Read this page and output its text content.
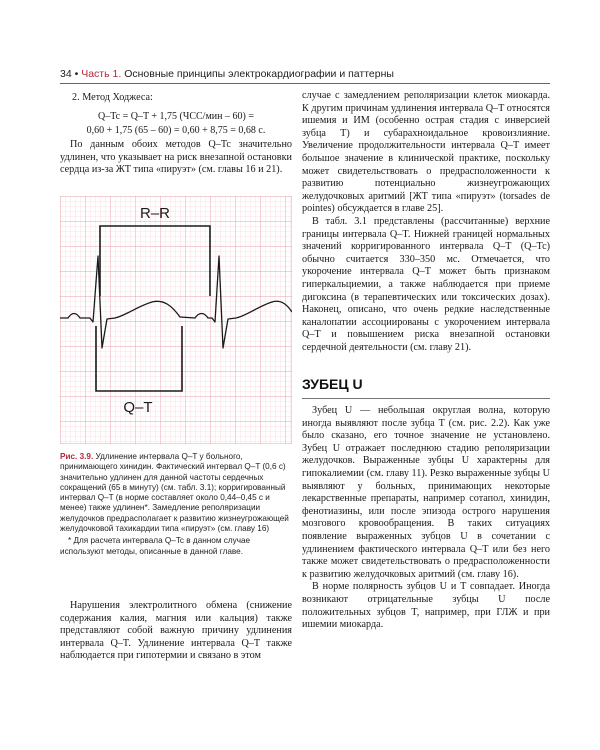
34 • Часть 1. Основные принципы электрокардиографии и паттерны

2. Метод Ходжеса:

Q–Tc = Q–T + 1,75 (ЧСС/мин – 60) =
0,60 + 1,75 (65 – 60) = 0,60 + 8,75 = 0,68 с.

По данным обоих методов Q–Tc значительно удлинен, что указывает на риск внезапной остановки сердца из-за ЖТ типа «пируэт» (см. главы 16 и 21).

R–R
Q–T
Рис. 3.9. Удлинение интервала Q–T у больного, принимающего хинидин. Фактический интервал Q–T (0,6 с) значительно удлинен для данной частоты сердечных сокращений (65 в минуту) (см. табл. 3.1); корригированный интервал Q–T (в норме составляет около 0,44–0,45 с и менее) также удлинен*. Замедление реполяризации желудочков предрасполагает к развитию жизнеугрожающей желудочковой тахикардии типа «пируэт» (см. главу 16)
* Для расчета интервала Q–Tc в данном случае используют методы, описанные в данной главе.

Нарушения электролитного обмена (снижение содержания калия, магния или кальция) также представляют собой важную причину удлинения интервала Q–T. Удлинение интервала Q–T также наблюдается при гипотермии и связано в этом

случае с замедлением реполяризации клеток миокарда. К другим причинам удлинения интервала Q–T относятся ишемия и ИМ (особенно острая стадия с инверсией зубца T) и субарахноидальное кровоизлияние. Увеличение продолжительности интервала Q–T имеет большое значение в клинической практике, поскольку может свидетельствовать о предрасположенности к развитию потенциально жизнеугрожающих желудочковых аритмий [ЖТ типа «пируэт» (torsades de pointes) обсуждается в главе 25].

В табл. 3.1 представлены (рассчитанные) верхние границы интервала Q–T. Нижней границей нормальных значений корригированного интервала Q–T (Q–Tc) обычно считается 330–350 мс. Отмечается, что укорочение интервала Q–T может быть признаком гиперкальциемии, а также наблюдается при приеме дигоксина (в терапевтических или токсических дозах). Наконец, описано, что очень редкие наследственные каналопатии ассоциированы с укорочением интервала Q–T и повышением риска внезапной остановки сердечной деятельности (см. главу 21).

ЗУБЕЦ U

Зубец U — небольшая округлая волна, которую иногда выявляют после зубца T (см. рис. 2.2). Как уже было сказано, его точное значение не установлено. Зубец U отражает последнюю стадию реполяризации желудочков. Выраженные зубцы U характерны для гипокалиемии (см. главу 11). Резко выраженные зубцы U выявляют у больных, принимающих некоторые лекарственные препараты, например сотапол, хинидин, фенотиазины, или после эпизода острого нарушения мозгового кровообращения. В таких ситуациях появление выраженных зубцов U в сочетании с удлинением фактического интервала Q–T или без него также может свидетельствовать о предрасположенности к развитию желудочковых аритмий (см. главу 16).

В норме полярность зубцов U и T совпадает. Иногда возникают отрицательные зубцы U после положительных зубцов T, например, при ГЛЖ и при ишемии миокарда.
